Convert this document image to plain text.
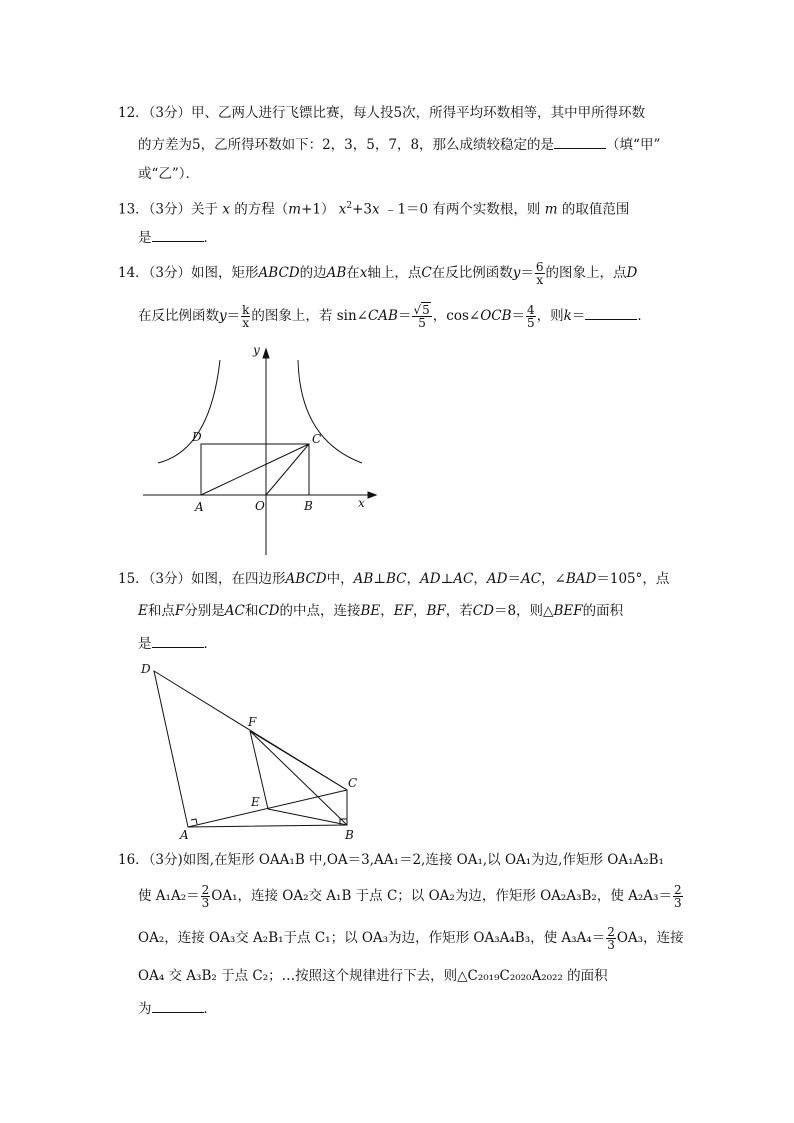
12．（3分）甲、乙两人进行飞镖比赛，每人投5次，所得平均环数相等，其中甲所得环数
的方差为5，乙所得环数如下：2，3，5，7，8，那么成绩较稳定的是	（填“甲”
或“乙”）．
13．（3分）关于 x 的方程（m+1） $x^2+3x$ ﹣1＝0 有两个实数根，则 m 的取值范围
是	．
14．（3分）如图，矩形ABCD的边AB在x轴上，点C在反比例函数$y= \frac{6}{x}$ 的图象上，点D
在反比例函数$y= \frac{k}{x}$ 的图象上，若 sin∠CAB＝ $\frac{√5}{5}$ ，cos∠OCB＝ $\frac{4}{5}$ ，则k＝	．
D	C
A	O	B	x
y
15．（3分）如图，在四边形ABCD中，AB⊥BC，AD⊥AC，AD＝AC，∠BAD＝105°，点
E和点F分别是AC和CD的中点，连接BE，EF，BF，若CD＝8，则△BEF的面积
是	．
D
F
C
E
A	B
16．（3分)如图,在矩形 OAA₁B 中,OA＝3,AA₁＝2,连接 OA₁,以 OA₁为边,作矩形 OA₁A₂B₁
使 $A_1A_2= \frac{2}{3} OA_1$，连接 OA₂交 A₁B 于点 C；以 OA₂为边，作矩形 OA₂A₃B₂，使 $A_2A_3= \frac{2}{3}$
OA₂，连接 OA₃交 A₂B₁于点 C₁；以 OA₃为边，作矩形 OA₃A₄B₃，使 $A_3A_4= \frac{2}{3} OA_3$，连接
OA₄ 交 A₃B₂ 于点 C₂；…按照这个规律进行下去，则△C₂₀₁₉C₂₀₂₀A₂₀₂₂ 的面积
为	．
